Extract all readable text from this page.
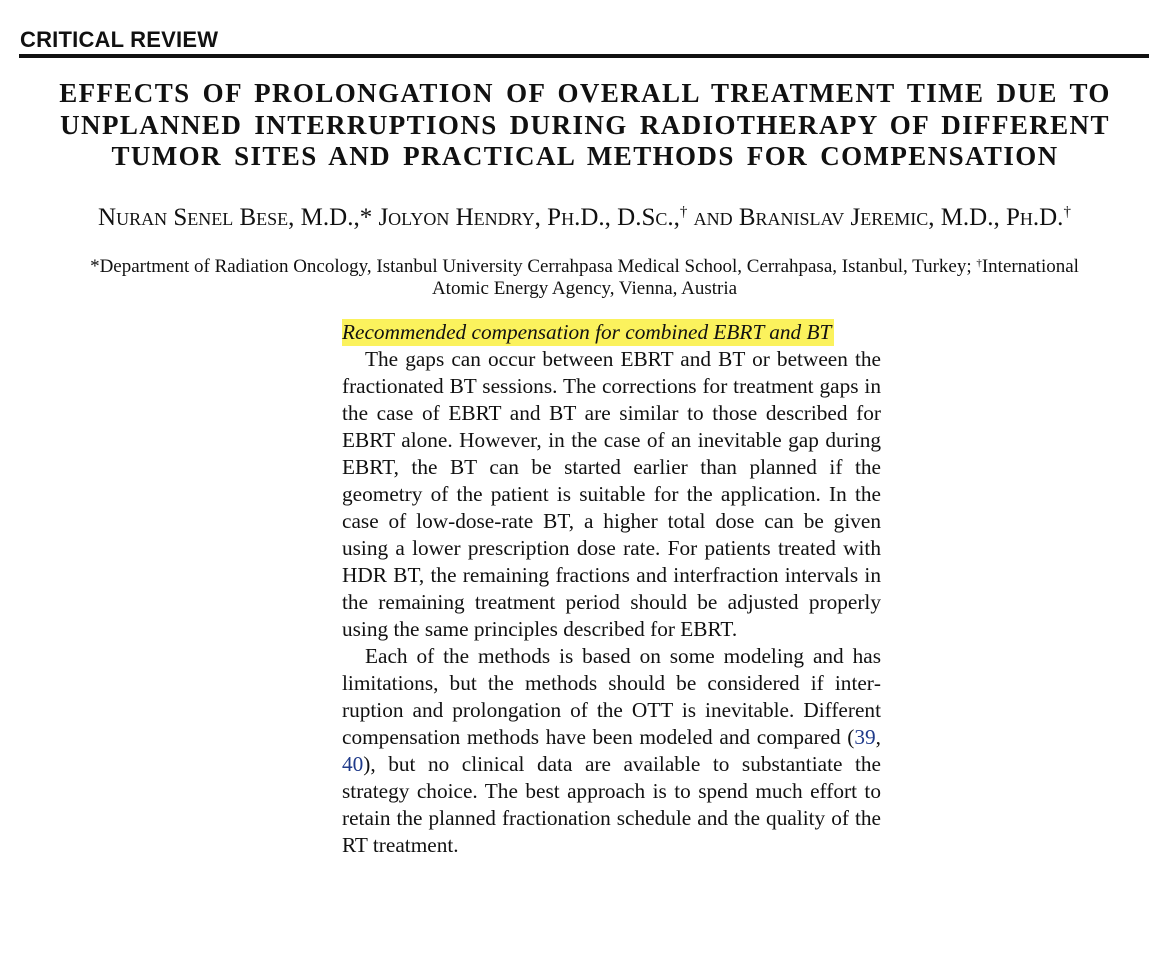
CRITICAL REVIEW
EFFECTS OF PROLONGATION OF OVERALL TREATMENT TIME DUE TO
UNPLANNED INTERRUPTIONS DURING RADIOTHERAPY OF DIFFERENT
TUMOR SITES AND PRACTICAL METHODS FOR COMPENSATION
Nuran Senel Bese, M.D.,* Jolyon Hendry, Ph.D., D.Sc.,† and Branislav Jeremic, M.D., Ph.D.†
*Department of Radiation Oncology, Istanbul University Cerrahpasa Medical School, Cerrahpasa, Istanbul, Turkey; †International
Atomic Energy Agency, Vienna, Austria
Recommended compensation for combined EBRT and BT

The gaps can occur between EBRT and BT or between the fractionated BT sessions. The corrections for treatment gaps in the case of EBRT and BT are similar to those described for EBRT alone. However, in the case of an inevitable gap during EBRT, the BT can be started earlier than planned if the geometry of the patient is suitable for the application. In the case of low-dose-rate BT, a higher total dose can be given using a lower prescription dose rate. For patients treated with HDR BT, the remaining fractions and interfraction intervals in the remaining treatment period should be adjusted properly using the same principles described for EBRT.

Each of the methods is based on some modeling and has limitations, but the methods should be considered if interruption and prolongation of the OTT is inevitable. Different compensation methods have been modeled and compared (39, 40), but no clinical data are available to substantiate the strategy choice. The best approach is to spend much effort to retain the planned fractionation schedule and the quality of the RT treatment.
